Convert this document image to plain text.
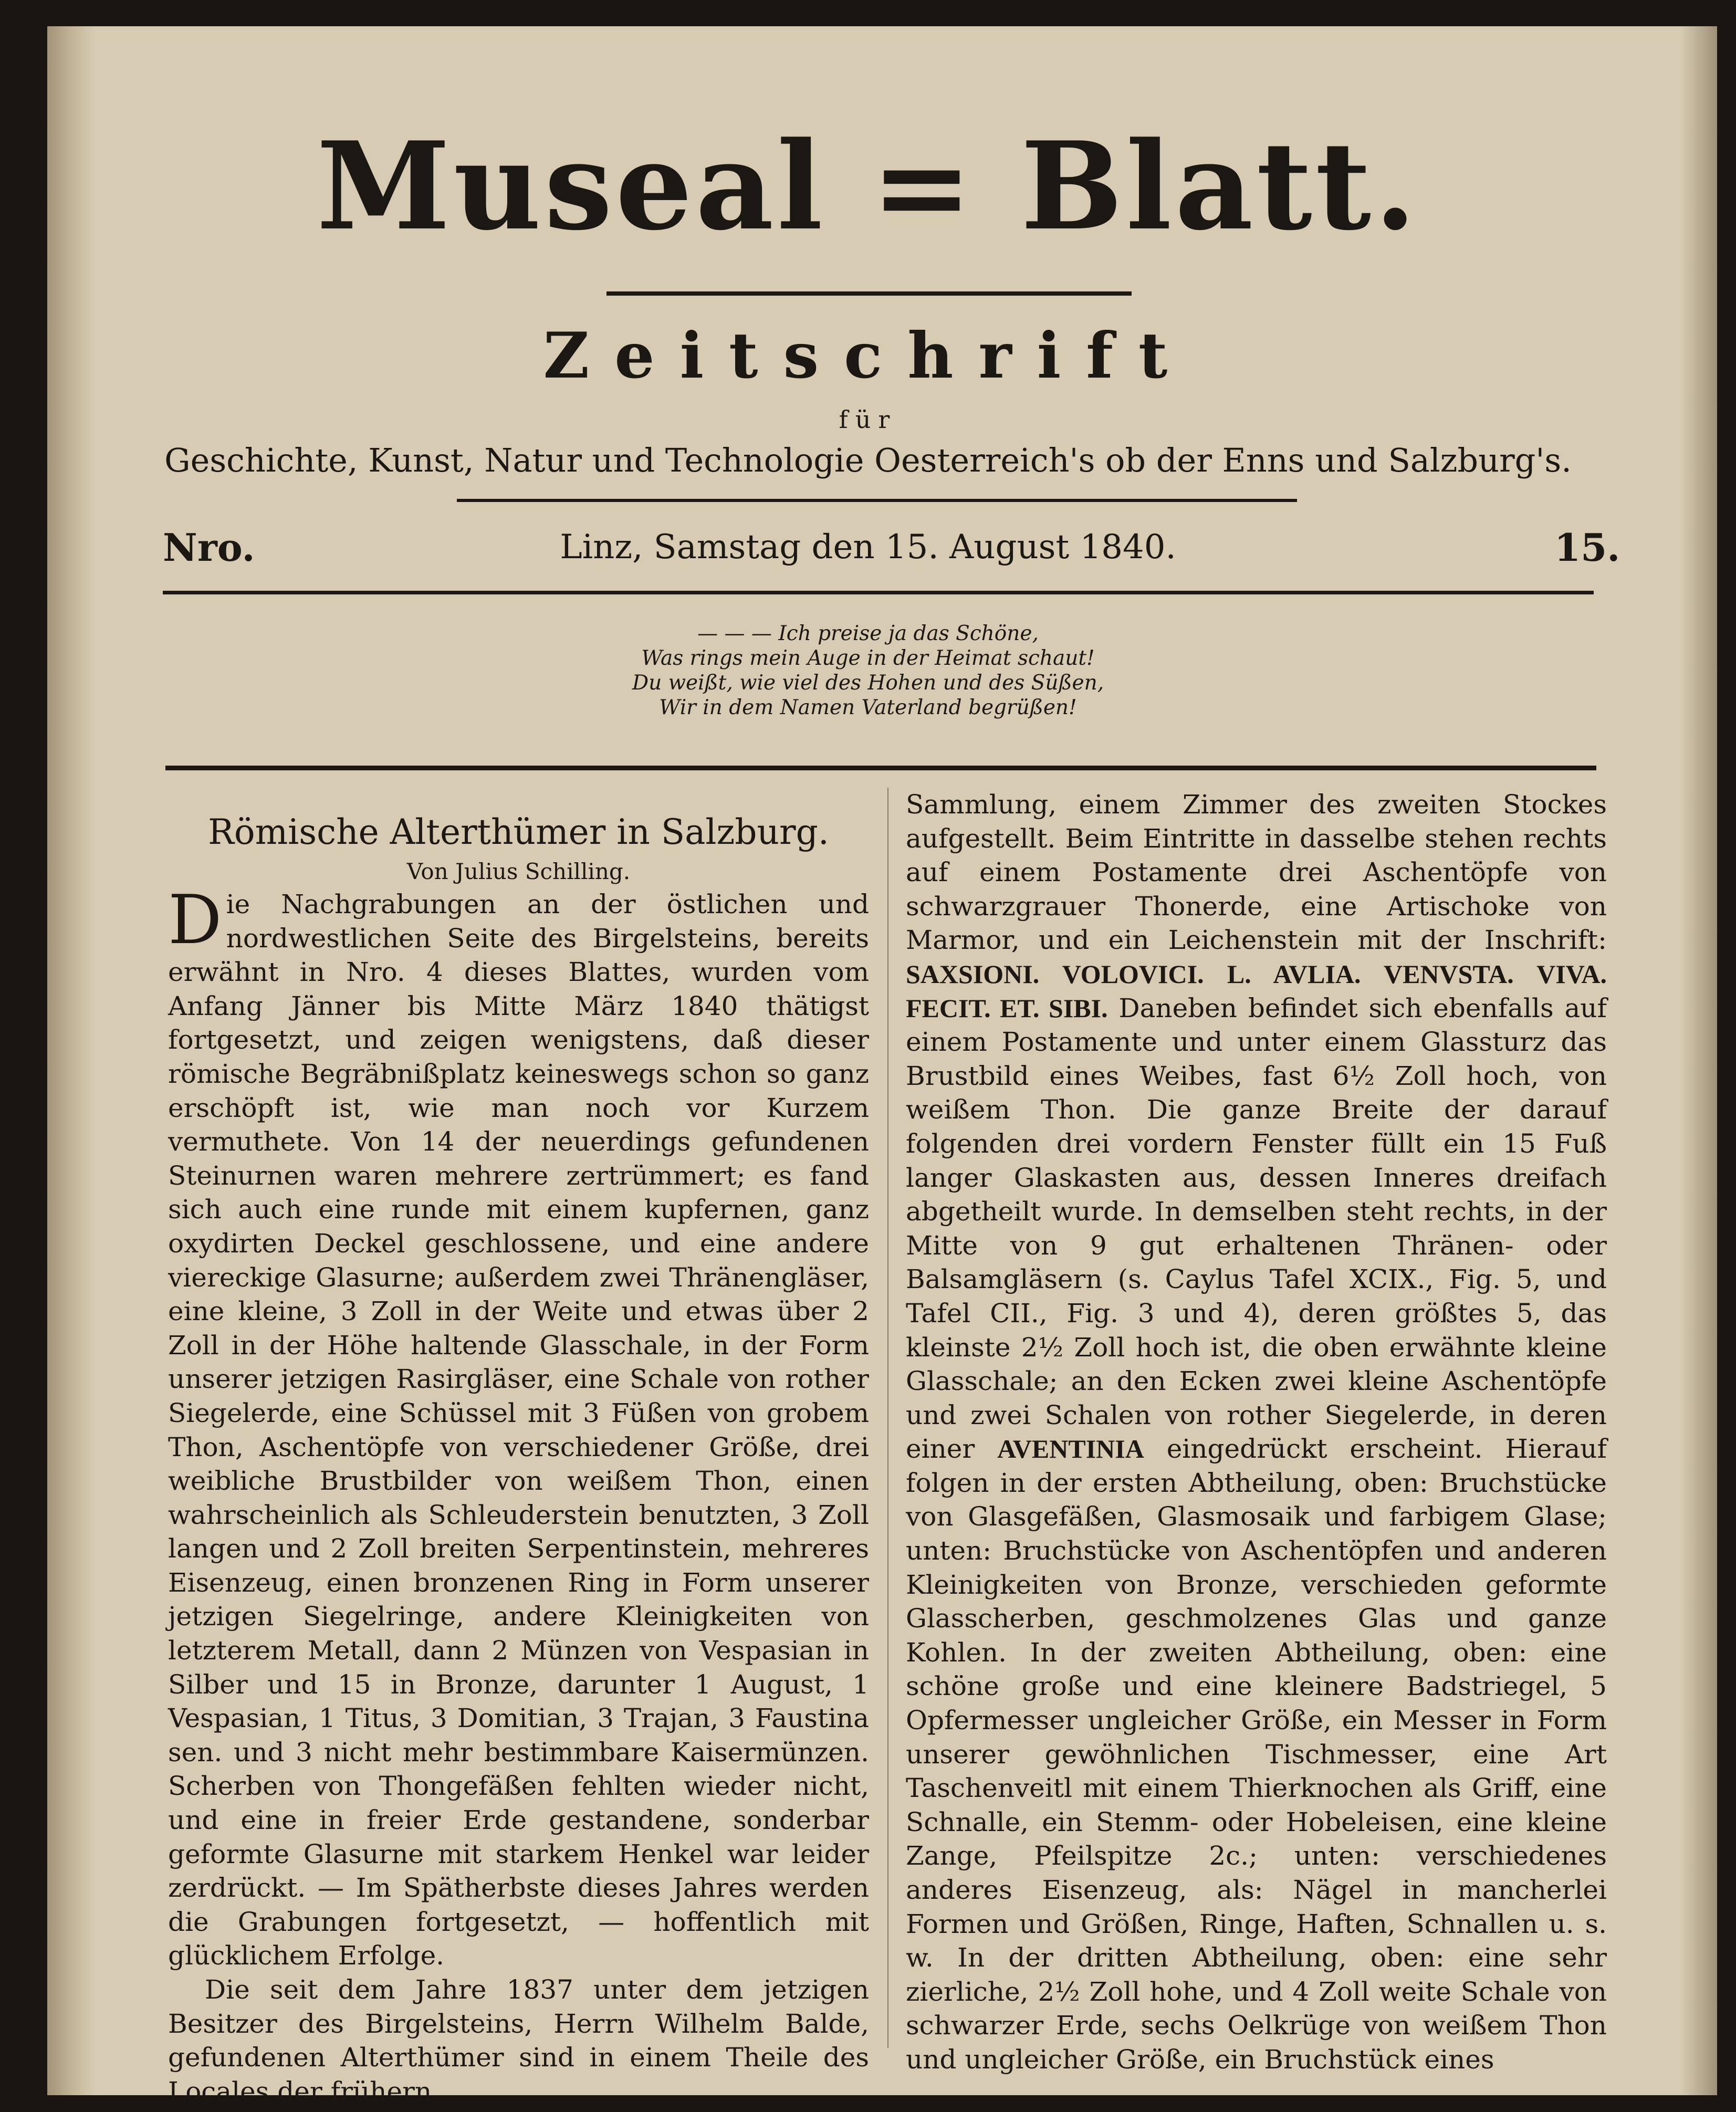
Museal = Blatt.
Zeitschrift
für
Geschichte, Kunst, Natur und Technologie Oesterreich's ob der Enns und Salzburg's.
Nro.	Linz, Samstag den 15. August 1840.	15.
— — — Ich preise ja das Schöne,
Was rings mein Auge in der Heimat schaut!
Du weißt, wie viel des Hohen und des Süßen,
Wir in dem Namen Vaterland begrüßen!

Römische Alterthümer in Salzburg.

Von Julius Schilling.

Die Nachgrabungen an der östlichen und nordwestlichen Seite des Birgelsteins, bereits erwähnt in Nro. 4 dieses Blattes, wurden vom Anfang Jänner bis Mitte März 1840 thätigst fortgesetzt, und zeigen wenigstens, daß dieser römische Begräbnißplatz keineswegs schon so ganz erschöpft ist, wie man noch vor Kurzem vermuthete. Von 14 der neuerdings gefundenen Steinurnen waren mehrere zertrümmert; es fand sich auch eine runde mit einem kupfernen, ganz oxydirten Deckel geschlossene, und eine andere viereckige Glasurne; außerdem zwei Thränengläser, eine kleine, 3 Zoll in der Weite und etwas über 2 Zoll in der Höhe haltende Glasschale, in der Form unserer jetzigen Rasirgläser, eine Schale von rother Siegelerde, eine Schüssel mit 3 Füßen von grobem Thon, Aschentöpfe von verschiedener Größe, drei weibliche Brustbilder von weißem Thon, einen wahrscheinlich als Schleuderstein benutzten, 3 Zoll langen und 2 Zoll breiten Serpentinstein, mehreres Eisenzeug, einen bronzenen Ring in Form unserer jetzigen Siegelringe, andere Kleinigkeiten von letzterem Metall, dann 2 Münzen von Vespasian in Silber und 15 in Bronze, darunter 1 August, 1 Vespasian, 1 Titus, 3 Domitian, 3 Trajan, 3 Faustina sen. und 3 nicht mehr bestimmbare Kaisermünzen. Scherben von Thongefäßen fehlten wieder nicht, und eine in freier Erde gestandene, sonderbar geformte Glasurne mit starkem Henkel war leider zerdrückt. — Im Spätherbste dieses Jahres werden die Grabungen fortgesetzt, — hoffentlich mit glücklichem Erfolge.

Die seit dem Jahre 1837 unter dem jetzigen Besitzer des Birgelsteins, Herrn Wilhelm Balde, gefundenen Alterthümer sind in einem Theile des Locales der frühern

Sammlung, einem Zimmer des zweiten Stockes aufgestellt. Beim Eintritte in dasselbe stehen rechts auf einem Postamente drei Aschentöpfe von schwarzgrauer Thonerde, eine Artischoke von Marmor, und ein Leichenstein mit der Inschrift: SAXSIONI. VOLOVICI. L. AVLIA. VENVSTA. VIVA. FECIT. ET. SIBI. Daneben befindet sich ebenfalls auf einem Postamente und unter einem Glassturz das Brustbild eines Weibes, fast 6½ Zoll hoch, von weißem Thon. Die ganze Breite der darauf folgenden drei vordern Fenster füllt ein 15 Fuß langer Glaskasten aus, dessen Inneres dreifach abgetheilt wurde. In demselben steht rechts, in der Mitte von 9 gut erhaltenen Thränen- oder Balsamgläsern (s. Caylus Tafel XCIX., Fig. 5, und Tafel CII., Fig. 3 und 4), deren größtes 5, das kleinste 2½ Zoll hoch ist, die oben erwähnte kleine Glasschale; an den Ecken zwei kleine Aschentöpfe und zwei Schalen von rother Siegelerde, in deren einer AVENTINIA eingedrückt erscheint. Hierauf folgen in der ersten Abtheilung, oben: Bruchstücke von Glasgefäßen, Glasmosaik und farbigem Glase; unten: Bruchstücke von Aschentöpfen und anderen Kleinigkeiten von Bronze, verschieden geformte Glasscherben, geschmolzenes Glas und ganze Kohlen. In der zweiten Abtheilung, oben: eine schöne große und eine kleinere Badstriegel, 5 Opfermesser ungleicher Größe, ein Messer in Form unserer gewöhnlichen Tischmesser, eine Art Taschenveitl mit einem Thierknochen als Griff, eine Schnalle, ein Stemm- oder Hobeleisen, eine kleine Zange, Pfeilspitze 2c.; unten: verschiedenes anderes Eisenzeug, als: Nägel in mancherlei Formen und Größen, Ringe, Haften, Schnallen u. s. w. In der dritten Abtheilung, oben: eine sehr zierliche, 2½ Zoll hohe, und 4 Zoll weite Schale von schwarzer Erde, sechs Oelkrüge von weißem Thon und ungleicher Größe, ein Bruchstück eines
